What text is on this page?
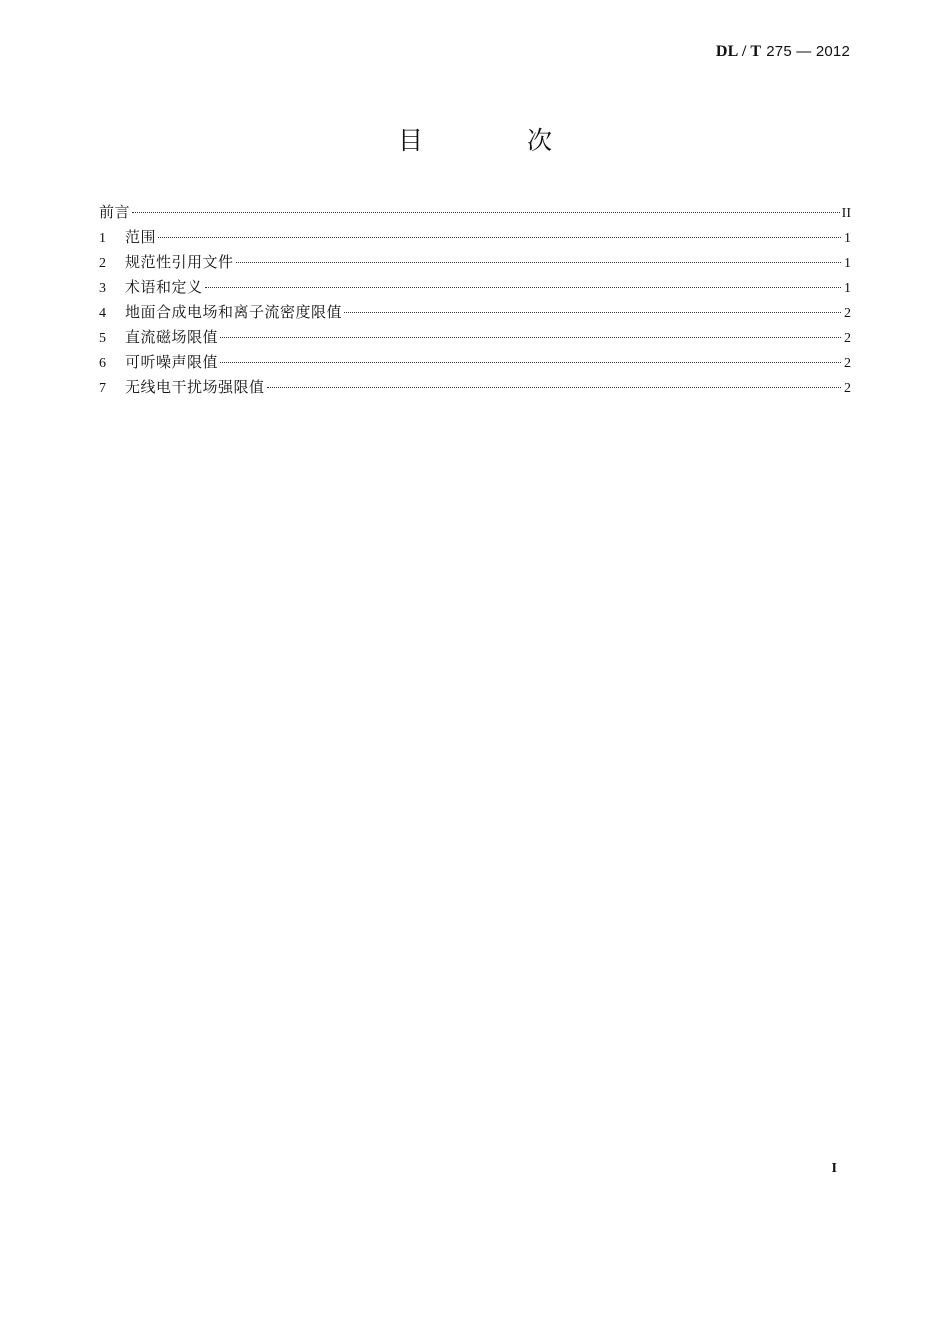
DL / T 275 — 2012
目 次
前言	II
1	范围	1
2	规范性引用文件	1
3	术语和定义	1
4	地面合成电场和离子流密度限值	2
5	直流磁场限值	2
6	可听噪声限值	2
7	无线电干扰场强限值	2
I
